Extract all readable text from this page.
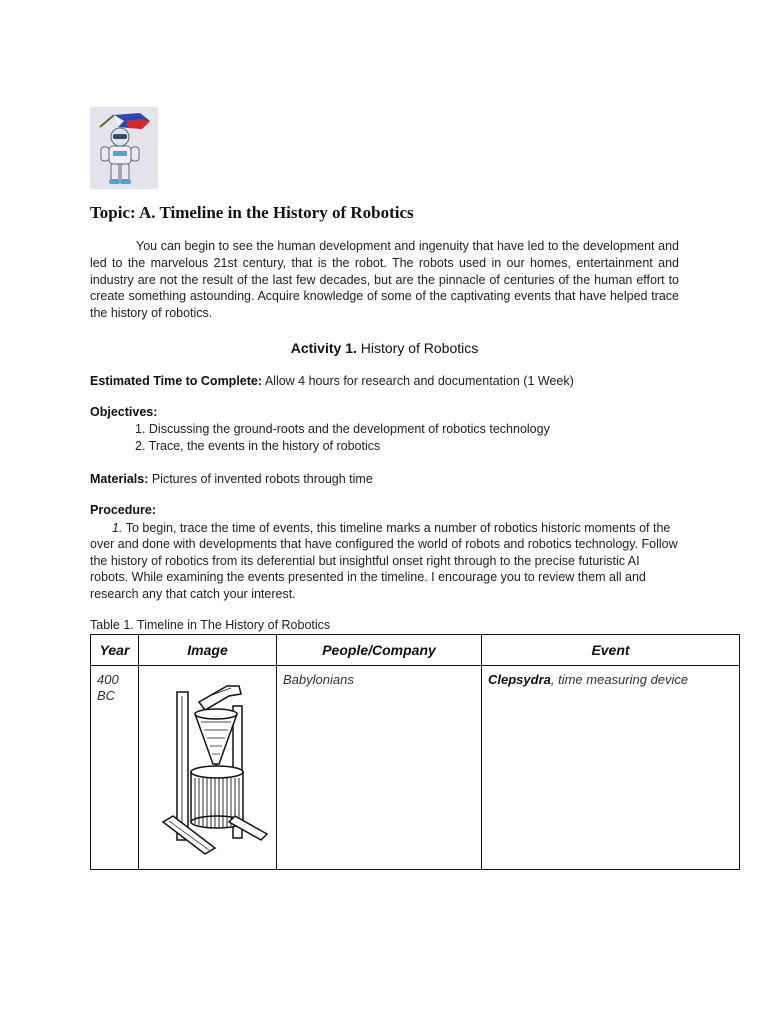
Topic: A. Timeline in the History of Robotics

You can begin to see the human development and ingenuity that have led to the development and led to the marvelous 21st century, that is the robot. The robots used in our homes, entertainment and industry are not the result of the last few decades, but are the pinnacle of centuries of the human effort to create something astounding. Acquire knowledge of some of the captivating events that have helped trace the history of robotics.

Activity 1. History of Robotics
Estimated Time to Complete: Allow 4 hours for research and documentation (1 Week)
Objectives:
1. Discussing the ground-roots and the development of robotics technology
2. Trace, the events in the history of robotics
Materials: Pictures of invented robots through time
Procedure:

1. To begin, trace the time of events, this timeline marks a number of robotics historic moments of the over and done with developments that have configured the world of robots and robotics technology. Follow the history of robotics from its deferential but insightful onset right through to the precise futuristic AI robots. While examining the events presented in the timeline. I encourage you to review them all and research any that catch your interest.

Table 1. Timeline in The History of Robotics
Year	Image	People/Company	Event

400
BC		Babylonians	Clepsydra, time measuring device
